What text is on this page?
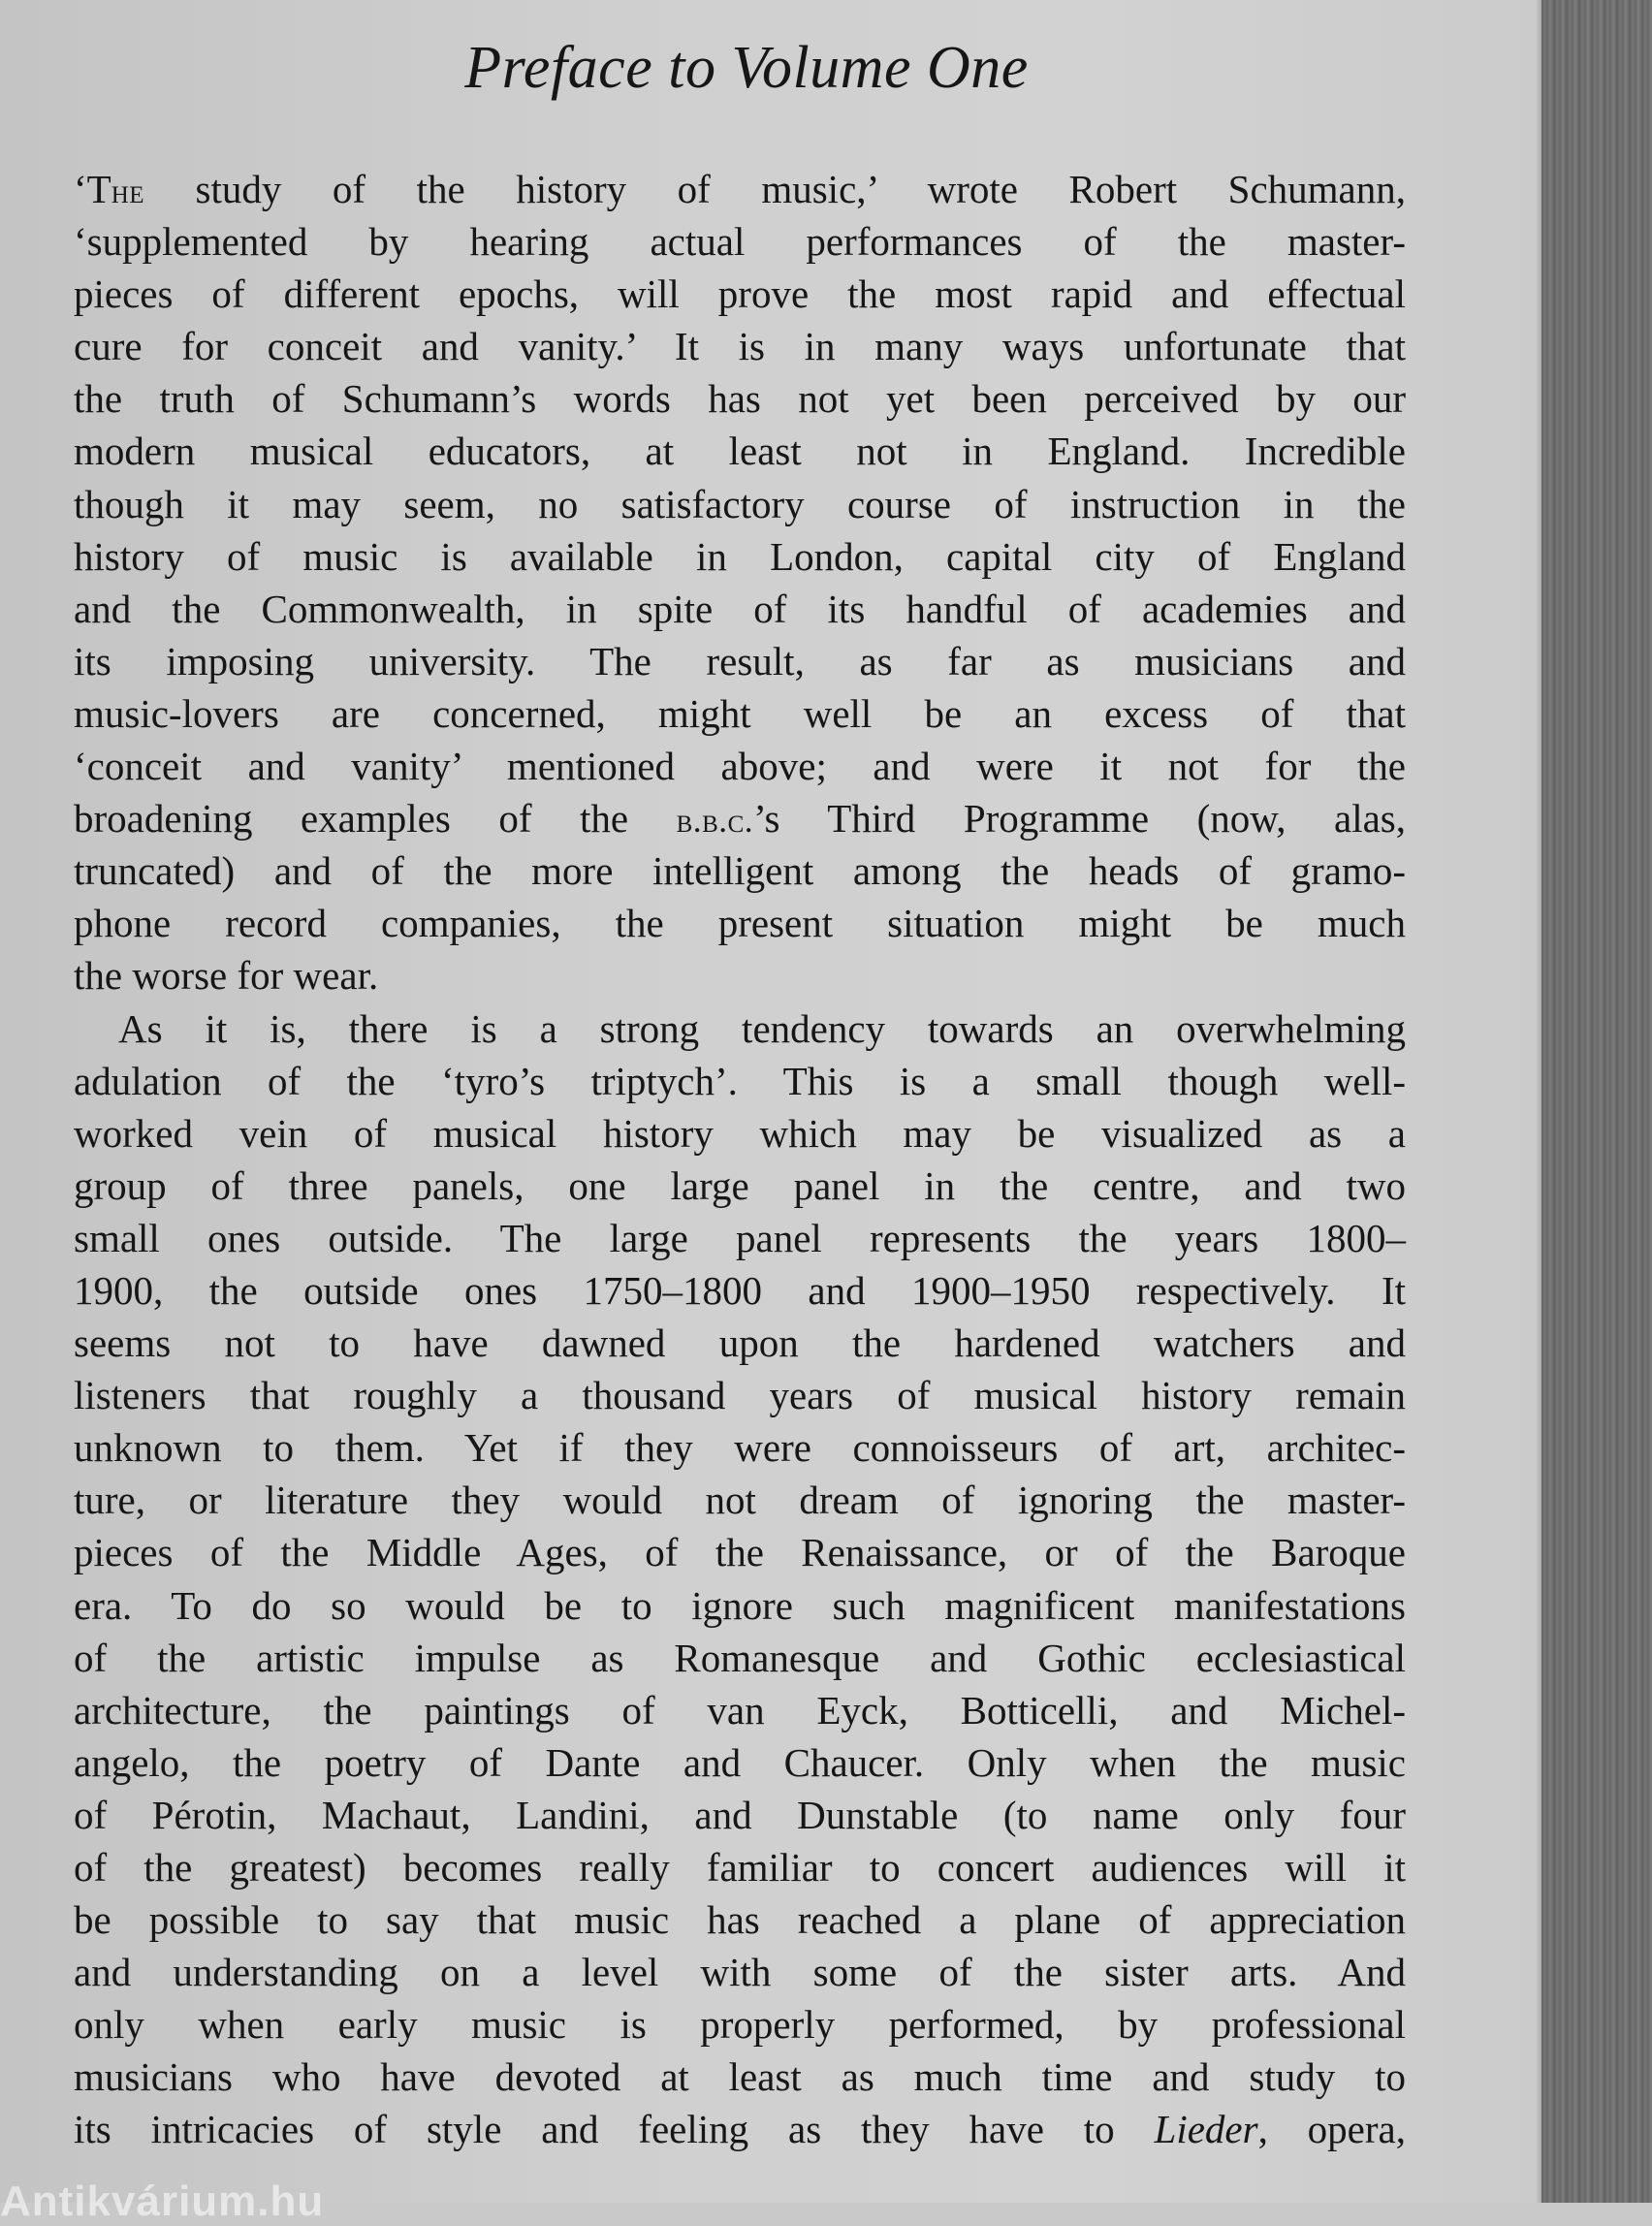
Preface to Volume One
‘The study of the history of music,’ wrote Robert Schumann,
‘supplemented by hearing actual performances of the master-
pieces of different epochs, will prove the most rapid and effectual
cure for conceit and vanity.’ It is in many ways unfortunate that
the truth of Schumann’s words has not yet been perceived by our
modern musical educators, at least not in England. Incredible
though it may seem, no satisfactory course of instruction in the
history of music is available in London, capital city of England
and the Commonwealth, in spite of its handful of academies and
its imposing university. The result, as far as musicians and
music-lovers are concerned, might well be an excess of that
‘conceit and vanity’ mentioned above; and were it not for the
broadening examples of the b.b.c.’s Third Programme (now, alas,
truncated) and of the more intelligent among the heads of gramo-
phone record companies, the present situation might be much
the worse for wear.
As it is, there is a strong tendency towards an overwhelming
adulation of the ‘tyro’s triptych’. This is a small though well-
worked vein of musical history which may be visualized as a
group of three panels, one large panel in the centre, and two
small ones outside. The large panel represents the years 1800–
1900, the outside ones 1750–1800 and 1900–1950 respectively. It
seems not to have dawned upon the hardened watchers and
listeners that roughly a thousand years of musical history remain
unknown to them. Yet if they were connoisseurs of art, architec-
ture, or literature they would not dream of ignoring the master-
pieces of the Middle Ages, of the Renaissance, or of the Baroque
era. To do so would be to ignore such magnificent manifestations
of the artistic impulse as Romanesque and Gothic ecclesiastical
architecture, the paintings of van Eyck, Botticelli, and Michel-
angelo, the poetry of Dante and Chaucer. Only when the music
of Pérotin, Machaut, Landini, and Dunstable (to name only four
of the greatest) becomes really familiar to concert audiences will it
be possible to say that music has reached a plane of appreciation
and understanding on a level with some of the sister arts. And
only when early music is properly performed, by professional
musicians who have devoted at least as much time and study to
its intricacies of style and feeling as they have to Lieder, opera,
Antikvárium.hu
